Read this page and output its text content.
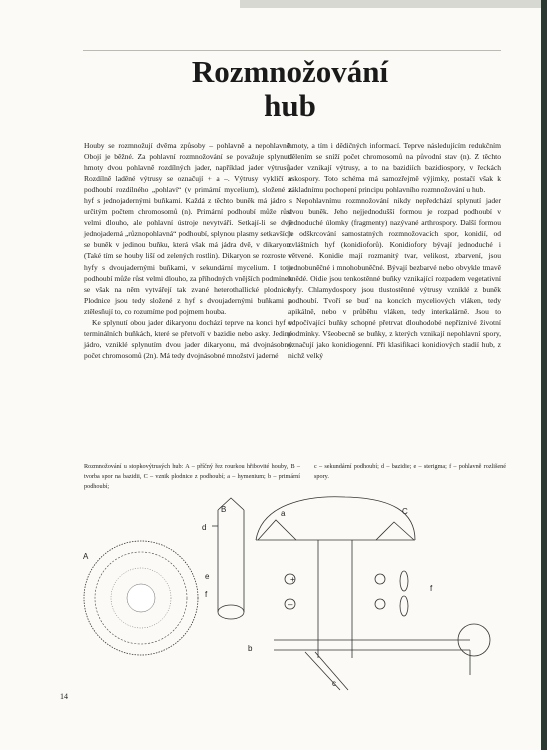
Rozmnožování
hub

Houby se rozmnožují dvěma způsoby – pohlavně a nepohlavně. Obojí je běžné. Za pohlavní rozmnožování se považuje splynutí hmoty dvou pohlavně rozdílných jader, například jader výtrusů. Rozdílně laděné výtrusy se označují + a –. Výtrusy vyklíčí v podhoubí rozdílného „pohlaví“ (v primární mycelium), složené z hyf s jednojadernými buňkami. Každá z těchto buněk má jádro s určitým počtem chromosomů (n). Primární podhoubí může růst velmi dlouho, ale pohlavní ústroje nevytváří. Setkají-li se dvě jednojaderná „různopohlavná“ podhoubí, splynou plasmy setkavších se buněk v jedinou buňku, která však má jádra dvě, v dikaryon. (Také tím se houby liší od zelených rostlin). Dikaryon se rozroste v hyfy s dvoujadernými buňkami, v sekundární mycelium. I toto podhoubí může růst velmi dlouho, za příhodných vnějších podmínek se však na něm vytvářejí tak zvané heterothallické plodnice. Plodnice jsou tedy složené z hyf s dvoujadernými buňkami a ztělesňují to, co rozumíme pod pojmem houba.

Ke splynutí obou jader dikaryonu dochází teprve na konci hyf v terminálních buňkách, které se přetvoří v bazidie nebo asky. Jediné jádro, vzniklé splynutím dvou jader dikaryonu, má dvojnásobný počet chromosomů (2n). Má tedy dvojnásobné množství jaderné

hmoty, a tím i dědičných informací. Teprve následujícím redukčním dělením se sníží počet chromosomů na původní stav (n). Z těchto jader vznikají výtrusy, a to na bazidiích bazidiospory, v řeckách askospory. Toto schéma má samozřejmě výjimky, postačí však k základnímu pochopení principu pohlavního rozmnožování u hub.

Nepohlavnímu rozmnožování nikdy nepředchází splynutí jader dvou buněk. Jeho nejjednodušší formou je rozpad podhoubí v jednoduché úlomky (fragmenty) nazývané arthrospory. Další formou je odškrcování samostatných rozmnožovacích spor, konidií, od zvláštních hyf (konidioforů). Konidiofory bývají jednoduché i větvené. Konidie mají rozmanitý tvar, velikost, zbarvení, jsou jednobuněčné i mnohobuněčné. Bývají bezbarvé nebo obvykle tmavě hnědé. Oidie jsou tenkostěnné buňky vznikající rozpadem vegetativní hyfy. Chlamydospory jsou tlustostěnné výtrusy vzniklé z buněk podhoubí. Tvoří se buď na koncích myceliových vláken, tedy apikálně, nebo v průběhu vláken, tedy interkalárně. Jsou to odpočívající buňky schopné přetrvat dlouhodobé nepříznivé životní podmínky. Všeobecně se buňky, z kterých vznikají nepohlavní spory, označují jako konidiogenní. Při klasifikaci konidiových stadií hub, z nichž velký

Rozmnožování u stopkovýtrusých hub: A – příčný řez rourkou hřibovité houby, B – tvorba spor na bazidii, C – vznik plodnice z podhoubí; a – hymenium; b – primární podhoubí;
c – sekundární podhoubí; d – bazidie; e – sterigma; f – pohlavně rozlišené spory.
A
B
d
e
f
+
–
C
a
f
b
c
14
